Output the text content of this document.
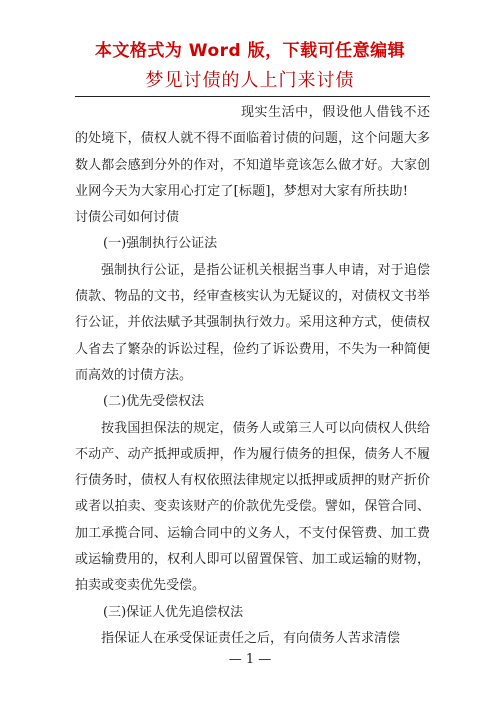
本文格式为 Word 版，下载可任意编辑
梦见讨债的人上门来讨债

现实生活中，假设他人借钱不还的处境下，债权人就不得不面临着讨债的问题，这个问题大多数人都会感到分外的作对，不知道毕竟该怎么做才好。大家创业网今天为大家用心打定了[标题]，梦想对大家有所扶助!讨债公司如何讨债

(一)强制执行公证法

强制执行公证，是指公证机关根据当事人申请，对于追偿债款、物品的文书，经审查核实认为无疑议的，对债权文书举行公证，并依法赋予其强制执行效力。采用这种方式，使债权人省去了繁杂的诉讼过程，俭约了诉讼费用，不失为一种简便而高效的讨债方法。

(二)优先受偿权法

按我国担保法的规定，债务人或第三人可以向债权人供给不动产、动产抵押或质押，作为履行债务的担保，债务人不履行债务时，债权人有权依照法律规定以抵押或质押的财产折价或者以拍卖、变卖该财产的价款优先受偿。譬如，保管合同、加工承揽合同、运输合同中的义务人，不支付保管费、加工费或运输费用的，权利人即可以留置保管、加工或运输的财物，拍卖或变卖优先受偿。

(三)保证人优先追偿权法

指保证人在承受保证责任之后，有向债务人苦求清偿

— 1 —
